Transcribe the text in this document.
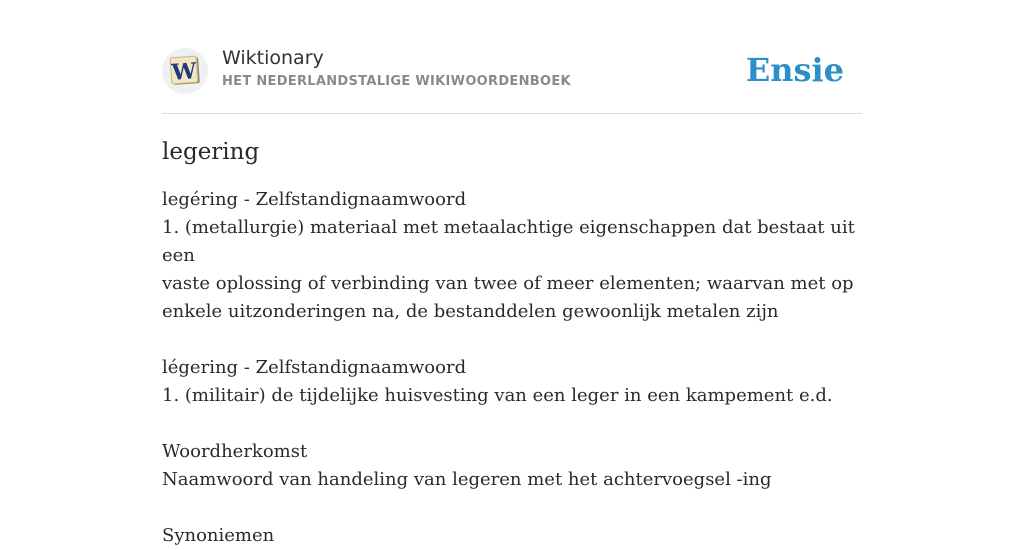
W
Wiktionary
HET NEDERLANDSTALIGE WIKIWOORDENBOEK	Ensie
legering

legéring - Zelfstandignaamwoord

1. (metallurgie) materiaal met metaalachtige eigenschappen dat bestaat uit een

vaste oplossing of verbinding van twee of meer elementen; waarvan met op

enkele uitzonderingen na, de bestanddelen gewoonlijk metalen zijn

légering - Zelfstandignaamwoord

1. (militair) de tijdelijke huisvesting van een leger in een kampement e.d.

Woordherkomst

Naamwoord van handeling van legeren met het achtervoegsel -ing

Synoniemen
